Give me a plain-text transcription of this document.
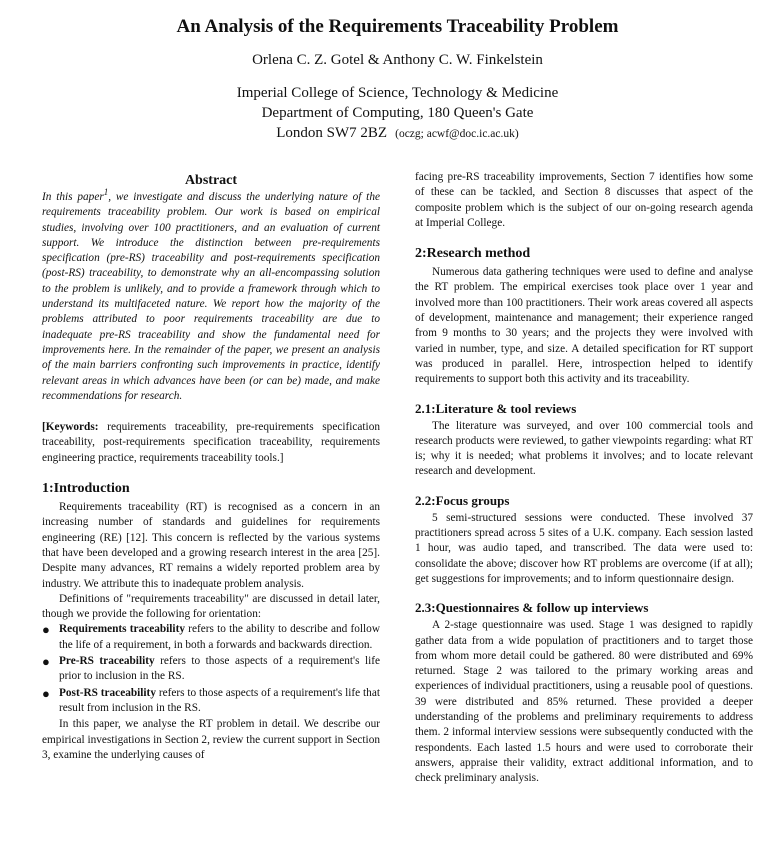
An Analysis of the Requirements Traceability Problem
Orlena C. Z. Gotel & Anthony C. W. Finkelstein
Imperial College of Science, Technology & Medicine
Department of Computing, 180 Queen's Gate
London SW7 2BZ (oczg; acwf@doc.ic.ac.uk)
Abstract

In this paper$^1$, we investigate and discuss the underlying nature of the requirements traceability problem. Our work is based on empirical studies, involving over 100 practitioners, and an evaluation of current support. We introduce the distinction between pre-requirements specification (pre-RS) traceability and post-requirements specification (post-RS) traceability, to demonstrate why an all-encompassing solution to the problem is unlikely, and to provide a framework through which to understand its multifaceted nature. We report how the majority of the problems attributed to poor requirements traceability are due to inadequate pre-RS traceability and show the fundamental need for improvements here. In the remainder of the paper, we present an analysis of the main barriers confronting such improvements in practice, identify relevant areas in which advances have been (or can be) made, and make recommendations for research.

[Keywords: requirements traceability, pre-requirements specification traceability, post-requirements specification traceability, requirements engineering practice, requirements traceability tools.]

1:Introduction

Requirements traceability (RT) is recognised as a concern in an increasing number of standards and guidelines for requirements engineering (RE) [12]. This concern is reflected by the various systems that have been developed and a growing research interest in the area [25]. Despite many advances, RT remains a widely reported problem area by industry. We attribute this to inadequate problem analysis.

Definitions of "requirements traceability" are discussed in detail later, though we provide the following for orientation:

● Requirements traceability refers to the ability to describe and follow the life of a requirement, in both a forwards and backwards direction.
● Pre-RS traceability refers to those aspects of a requirement's life prior to inclusion in the RS.
● Post-RS traceability refers to those aspects of a requirement's life that result from inclusion in the RS.

In this paper, we analyse the RT problem in detail. We describe our empirical investigations in Section 2, review the current support in Section 3, examine the underlying causes of

facing pre-RS traceability improvements, Section 7 identifies how some of these can be tackled, and Section 8 discusses that aspect of the composite problem which is the subject of our on-going research agenda at Imperial College.

2:Research method

Numerous data gathering techniques were used to define and analyse the RT problem. The empirical exercises took place over 1 year and involved more than 100 practitioners. Their work areas covered all aspects of development, maintenance and management; their experience ranged from 9 months to 30 years; and the projects they were involved with varied in number, type, and size. A detailed specification for RT support was produced in parallel. Here, introspection helped to identify requirements to support both this activity and its traceability.

2.1:Literature & tool reviews

The literature was surveyed, and over 100 commercial tools and research products were reviewed, to gather viewpoints regarding: what RT is; why it is needed; what problems it involves; and to locate relevant research and development.

2.2:Focus groups

5 semi-structured sessions were conducted. These involved 37 practitioners spread across 5 sites of a U.K. company. Each session lasted 1 hour, was audio taped, and transcribed. The data were used to: consolidate the above; discover how RT problems are overcome (if at all); get suggestions for improvements; and to inform questionnaire design.

2.3:Questionnaires & follow up interviews

A 2-stage questionnaire was used. Stage 1 was designed to rapidly gather data from a wide population of practitioners and to target those from whom more detail could be gathered. 80 were distributed and 69% returned. Stage 2 was tailored to the primary working areas and experiences of individual practitioners, using a reusable pool of questions. 39 were distributed and 85% returned. These provided a deeper understanding of the problems and preliminary requirements to address them. 2 informal interview sessions were subsequently conducted with the respondents. Each lasted 1.5 hours and were used to corroborate their answers, appraise their validity, extract additional information, and to check preliminary analysis.
